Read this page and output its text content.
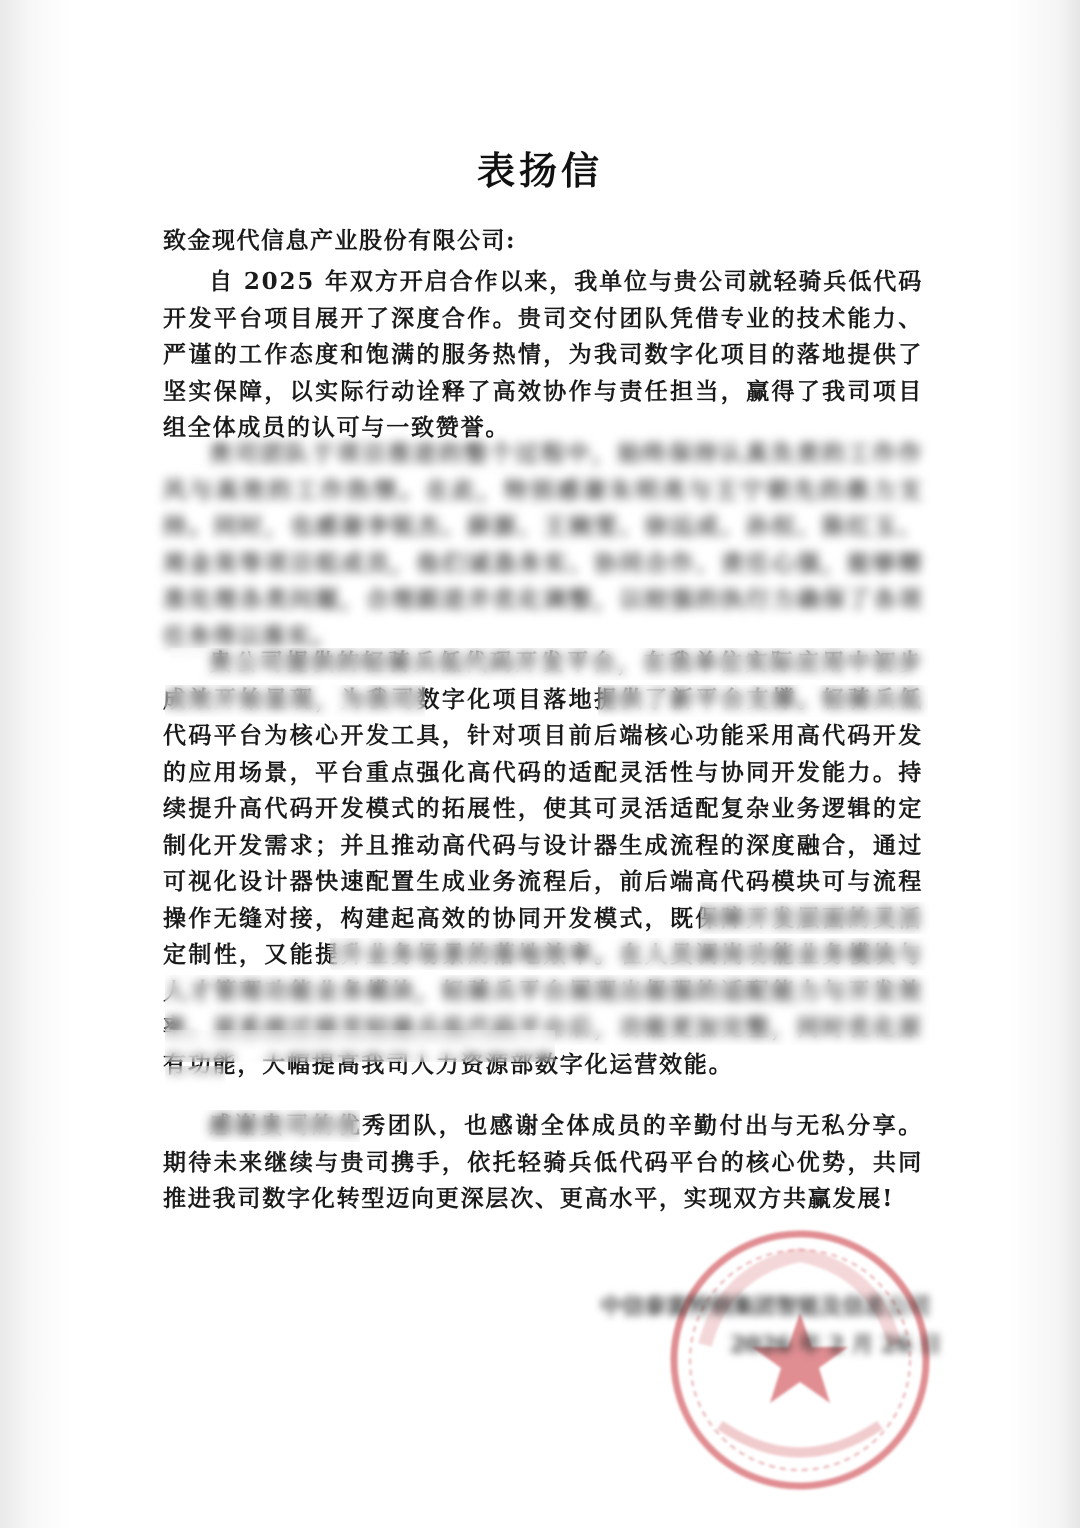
表扬信
致金现代信息产业股份有限公司:

自 2025 年双方开启合作以来，我单位与贵公司就轻骑兵低代码开发平台项目展开了深度合作。贵司交付团队凭借专业的技术能力、严谨的工作态度和饱满的服务热情，为我司数字化项目的落地提供了坚实保障，以实际行动诠释了高效协作与责任担当，赢得了我司项目组全体成员的认可与一致赞誉。

贵司团队于项目推进的整个过程中，始终保持认真负责的工作作风与高效的工作热情。在此，特别感谢朱明亮与王宁朝先的鼎力支持。同时，也感谢李锐杰、薛源、王婉雯、徐远成、孙权、陈红玉、周金昊等项目组成员，他们诚恳务实、协同合作、责任心强，能够精准处理各类问题，合理跟进并优化调整，以较强的执行力确保了各项任务得以落实。

贵公司提供的轻骑兵低代码开发平台，在我单位实际应用中初步成效开始显现，为我司数字化项目落地提供了新平台支撑。轻骑兵低代码平台为核心开发工具，针对项目前后端核心功能采用高代码开发的应用场景，平台重点强化高代码的适配灵活性与协同开发能力。持续提升高代码开发模式的拓展性，使其可灵活适配复杂业务逻辑的定制化开发需求；并且推动高代码与设计器生成流程的深度融合，通过可视化设计器快速配置生成业务流程后，前后端高代码模块可与流程操作无缝对接，构建起高效的协同开发模式，既保障开发层面的灵活定制性，又能提升业务场景的落地效率。在人员调岗功能业务模块与人才管理功能业务模块，轻骑兵平台展现出极强的适配能力与开发效率，原系统迁移至轻骑兵低代码平台后，功能更加完整，同时优化原有功能，大幅提高我司人力资源部数字化运营效能。

感谢贵司的优秀团队，也感谢全体成员的辛勤付出与无私分享。期待未来继续与贵司携手，依托轻骑兵低代码平台的核心优势，共同推进我司数字化转型迈向更深层次、更高水平，实现双方共赢发展!

中信泰富特钢集团智能及信息公司
2026 年 2 月 26 日
